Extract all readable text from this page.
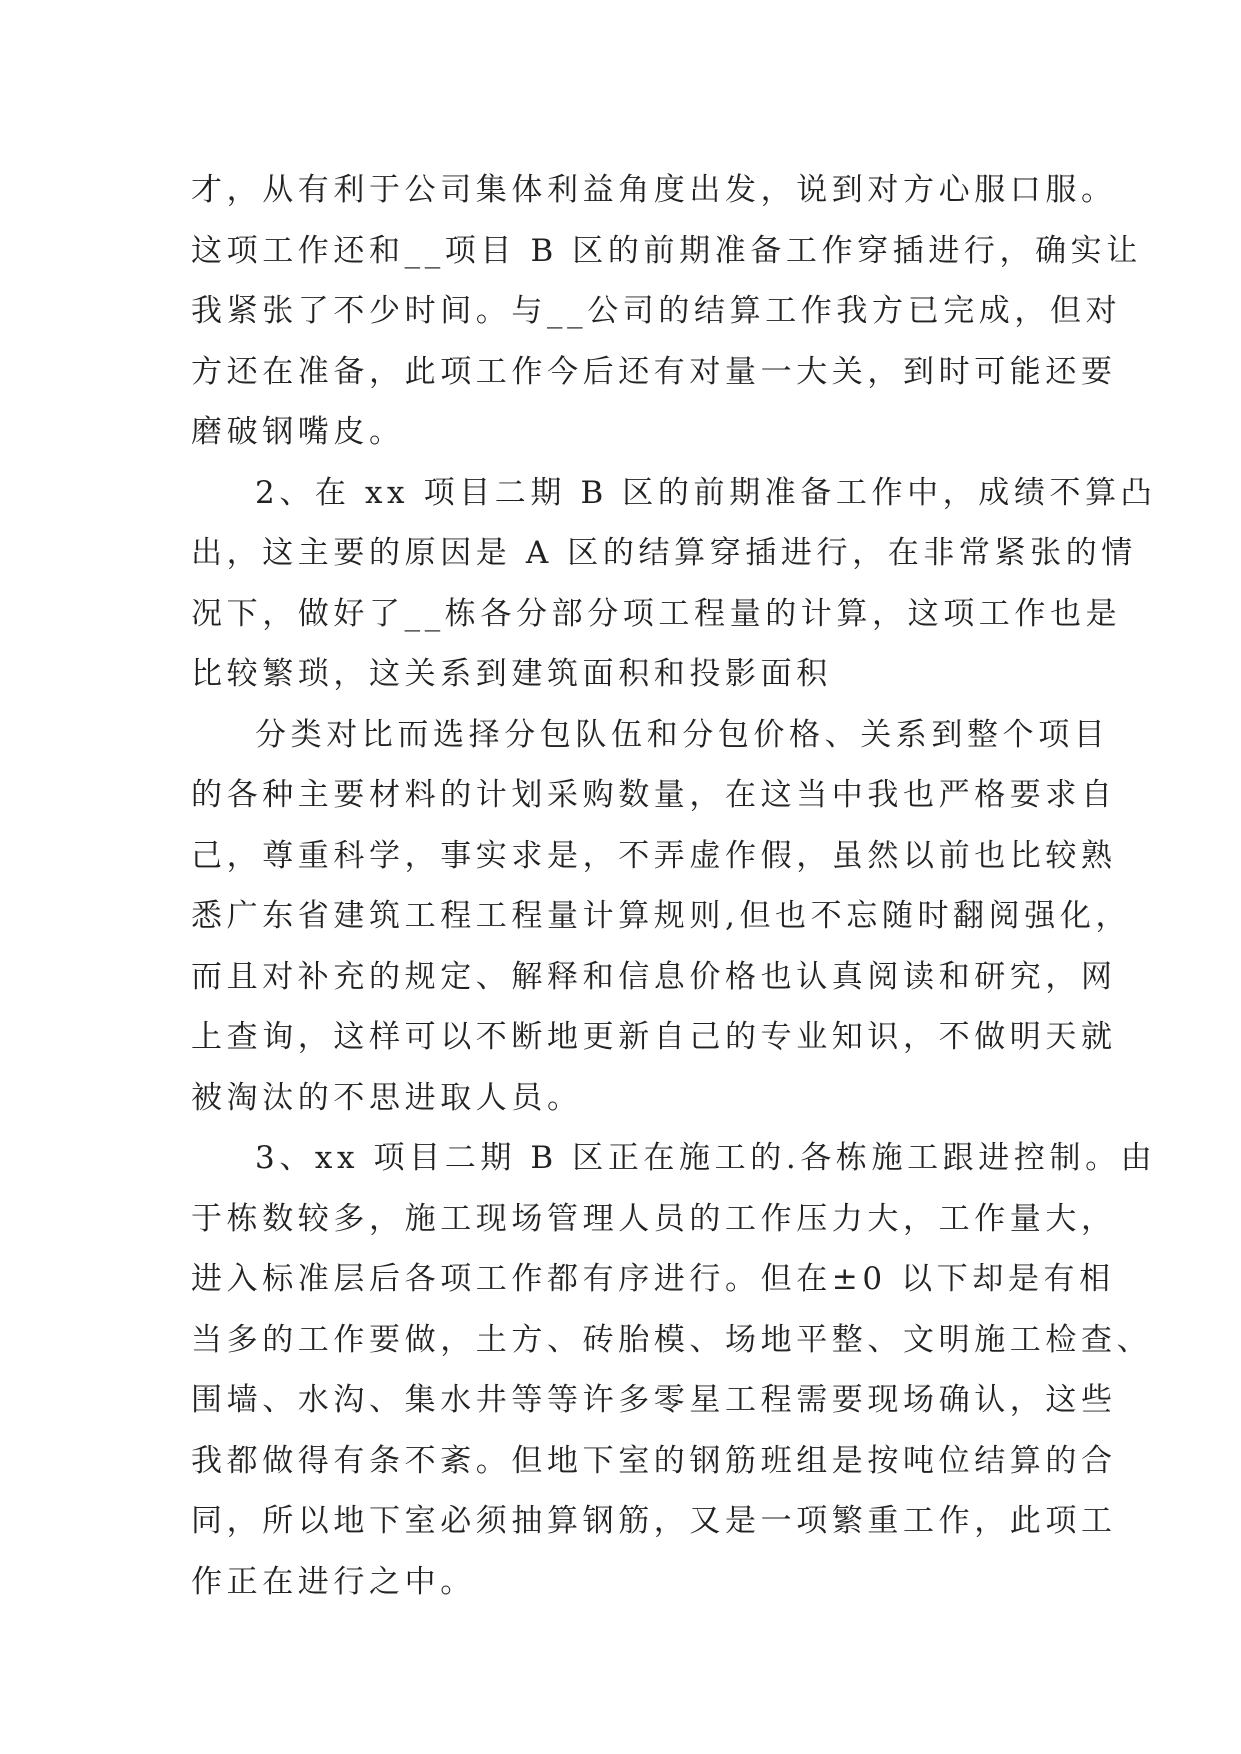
才，从有利于公司集体利益角度出发，说到对方心服口服。
这项工作还和__项目 B 区的前期准备工作穿插进行，确实让
我紧张了不少时间。与__公司的结算工作我方已完成，但对
方还在准备，此项工作今后还有对量一大关，到时可能还要
磨破钢嘴皮。
2、在 xx 项目二期 B 区的前期准备工作中，成绩不算凸
出，这主要的原因是 A 区的结算穿插进行，在非常紧张的情
况下，做好了__栋各分部分项工程量的计算，这项工作也是
比较繁琐，这关系到建筑面积和投影面积
分类对比而选择分包队伍和分包价格、关系到整个项目
的各种主要材料的计划采购数量，在这当中我也严格要求自
己，尊重科学，事实求是，不弄虚作假，虽然以前也比较熟
悉广东省建筑工程工程量计算规则,但也不忘随时翻阅强化，
而且对补充的规定、解释和信息价格也认真阅读和研究，网
上查询，这样可以不断地更新自己的专业知识，不做明天就
被淘汰的不思进取人员。
3、xx 项目二期 B 区正在施工的.各栋施工跟进控制。由
于栋数较多，施工现场管理人员的工作压力大，工作量大，
进入标准层后各项工作都有序进行。但在±0 以下却是有相
当多的工作要做，土方、砖胎模、场地平整、文明施工检查、
围墙、水沟、集水井等等许多零星工程需要现场确认，这些
我都做得有条不紊。但地下室的钢筋班组是按吨位结算的合
同，所以地下室必须抽算钢筋，又是一项繁重工作，此项工
作正在进行之中。
